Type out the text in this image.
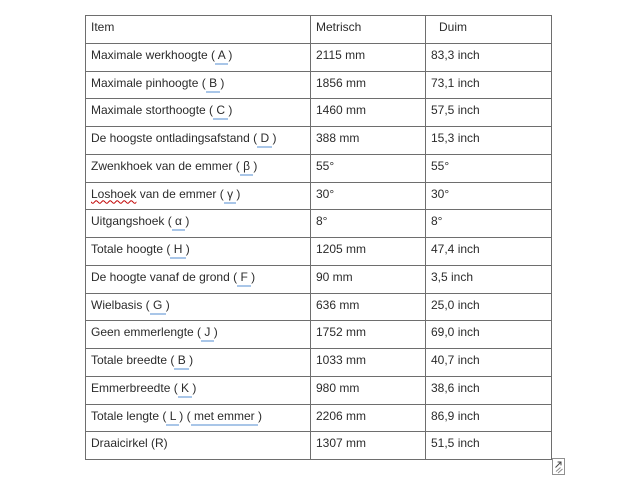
Item	Metrisch	Duim
Maximale werkhoogte ( A )	2115 mm	83,3 inch
Maximale pinhoogte ( B )	1856 mm	73,1 inch
Maximale storthoogte ( C )	1460 mm	57,5 inch
De hoogste ontladingsafstand ( D )	388 mm	15,3 inch
Zwenkhoek van de emmer ( β )	55°	55°
Loshoek van de emmer ( γ )	30°	30°
Uitgangshoek ( α )	8°	8°
Totale hoogte ( H )	1205 mm	47,4 inch
De hoogte vanaf de grond ( F )	90 mm	3,5 inch
Wielbasis ( G )	636 mm	25,0 inch
Geen emmerlengte ( J )	1752 mm	69,0 inch
Totale breedte ( B )	1033 mm	40,7 inch
Emmerbreedte ( K )	980 mm	38,6 inch
Totale lengte ( L ) ( met emmer )	2206 mm	86,9 inch
Draaicirkel (R)	1307 mm	51,5 inch
